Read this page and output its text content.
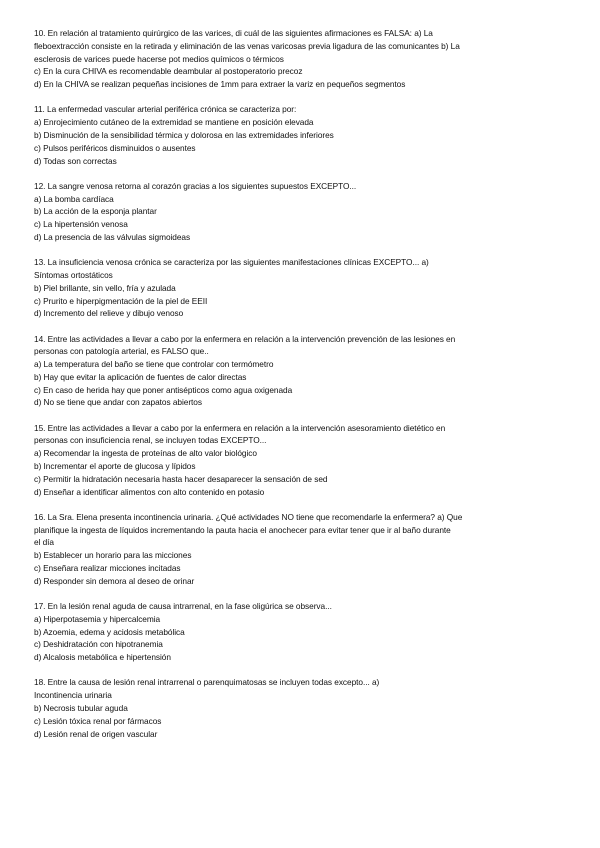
10. En relación al tratamiento quirúrgico de las varices, di cuál de las siguientes afirmaciones es FALSA: a) La
fleboextracción consiste en la retirada y eliminación de las venas varicosas previa ligadura de las comunicantes b) La
esclerosis de varices puede hacerse pot medios químicos o térmicos
c) En la cura CHIVA es recomendable deambular al postoperatorio precoz
d) En la CHIVA se realizan pequeñas incisiones de 1mm para extraer la variz en pequeños segmentos
11. La enfermedad vascular arterial periférica crónica se caracteriza por:
a) Enrojecimiento cutáneo de la extremidad se mantiene en posición elevada
b) Disminución de la sensibilidad térmica y dolorosa en las extremidades inferiores
c) Pulsos periféricos disminuidos o ausentes
d) Todas son correctas
12. La sangre venosa retorna al corazón gracias a los siguientes supuestos EXCEPTO...
a) La bomba cardíaca
b) La acción de la esponja plantar
c) La hipertensión venosa
d) La presencia de las válvulas sigmoideas
13. La insuficiencia venosa crónica se caracteriza por las siguientes manifestaciones clínicas EXCEPTO... a)
Síntomas ortostáticos
b) Piel brillante, sin vello, fría y azulada
c) Prurito e hiperpigmentación de la piel de EEII
d) Incremento del relieve y dibujo venoso
14. Entre las actividades a llevar a cabo por la enfermera en relación a la intervención prevención de las lesiones en
personas con patología arterial, es FALSO que..
a) La temperatura del baño se tiene que controlar con termómetro
b) Hay que evitar la aplicación de fuentes de calor directas
c) En caso de herida hay que poner antisépticos como agua oxigenada
d) No se tiene que andar con zapatos abiertos
15. Entre las actividades a llevar a cabo por la enfermera en relación a la intervención asesoramiento dietético en
personas con insuficiencia renal, se incluyen todas EXCEPTO...
a) Recomendar la ingesta de proteínas de alto valor biológico
b) Incrementar el aporte de glucosa y lípidos
c) Permitir la hidratación necesaria hasta hacer desaparecer la sensación de sed
d) Enseñar a identificar alimentos con alto contenido en potasio
16. La Sra. Elena presenta incontinencia urinaria. ¿Qué actividades NO tiene que recomendarle la enfermera? a) Que
planifique la ingesta de líquidos incrementando la pauta hacia el anochecer para evitar tener que ir al baño durante
el día
b) Establecer un horario para las micciones
c) Enseñara realizar micciones incitadas
d) Responder sin demora al deseo de orinar
17. En la lesión renal aguda de causa intrarrenal, en la fase oligúrica se observa...
a) Hiperpotasemia y hipercalcemia
b) Azoemia, edema y acidosis metabólica
c) Deshidratación con hipotranemia
d) Alcalosis metabólica e hipertensión
18. Entre la causa de lesión renal intrarrenal o parenquimatosas se incluyen todas excepto... a)
Incontinencia urinaria
b) Necrosis tubular aguda
c) Lesión tóxica renal por fármacos
d) Lesión renal de origen vascular
